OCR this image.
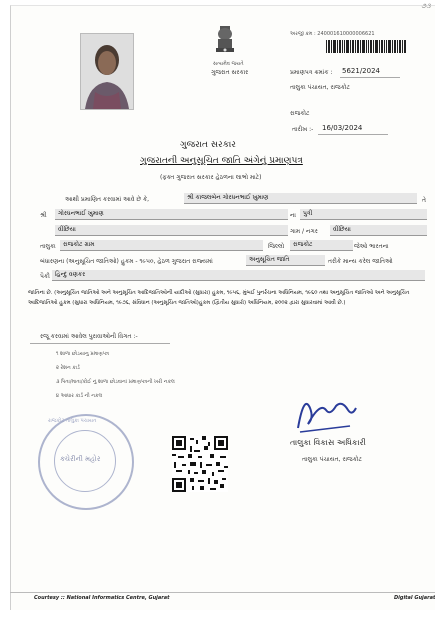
૭૩
સત્યમેવ જયતે
ગુજરાત સરકાર
અરજી ક્રમ : 240001610000006621
પ્રમાણપત્ર ક્રમાંક : 5621/2024
તાલુકા પંચાયત, રાજકોટ
રાજકોટ
તારીખ :- 16/03/2024
ગુજરાત સરકાર
ગુજરાતની અનુસૂચિત જાતિ અંગેનું પ્રમાણપત્ર
(ફક્ત ગુજરાત સરકાર હેઠળના લાભો માટે)
આથી પ્રમાણિત કરવામાં આવે છે કે,	શ્રી કાજલબેન ગોરધનભાઈ ખુમાણ	તે
શ્રી	ગોરધનભાઈ ખુમાણ	ના	પુત્રી
વીંછિયા	ગામ / નગર	વીંછિયા
તાલુકા	રાજકોટ ગ્રામ	જિલ્લો	રાજકોટ	જેઓ ભારતના
બંધારણના (અનુસૂચિત જાતિઓ) હુકમ - ૧૯૫૦, હેઠળ ગુજરાત રાજ્યમાં	અનુસૂચિત જાતિ	તરીકે માન્ય કરેલ જાતિઓ
પૈકી હિન્દુ વણકર
જાતિના છે. (અનુસૂચિત જાતિઓ અને અનુસૂચિત આદિજાતિઓની યાદીઓ (સુધારા) હુકમ, ૧૯૫૬, મુંબઈ પુનર્રચના અધિનિયમ, ૧૯૬૦ તથા અનુસૂચિત જાતિઓ અને અનુસૂચિત આદિજાતિઓ હુકમ (સુધારા અધિનિયમ, ૧૯૭૬, સંવિધાન (અનુસૂચિત જાતિઓ)હુકમ (દ્વિતીય સુધારો) અધિનિયમ, ૨૦૦૨ દ્વારા સુધારવામાં આવી છે.)
રજૂ કરવામાં આવેલ પુરાવાઓની વિગત :-
૧ શાળા છોડયાનુ પ્રમાણપત્ર
૨ રેશન કાર્ડ
૩ પિતા/માતા/કોઈ નું શાળા છોડવાનાં પ્રમાણપત્રની ખરી નકલ
૪ આધાર કાર્ડ ની નકલ
રાજકોટ તાલુકા પંચાયત
ક્ચેરીની મહોર
તાલુકા વિકાસ અધિકારી
તાલુકા પંચાયત, રાજકોટ
Courtesy :: National Informatics Centre, Gujarat	Digital Gujarat
